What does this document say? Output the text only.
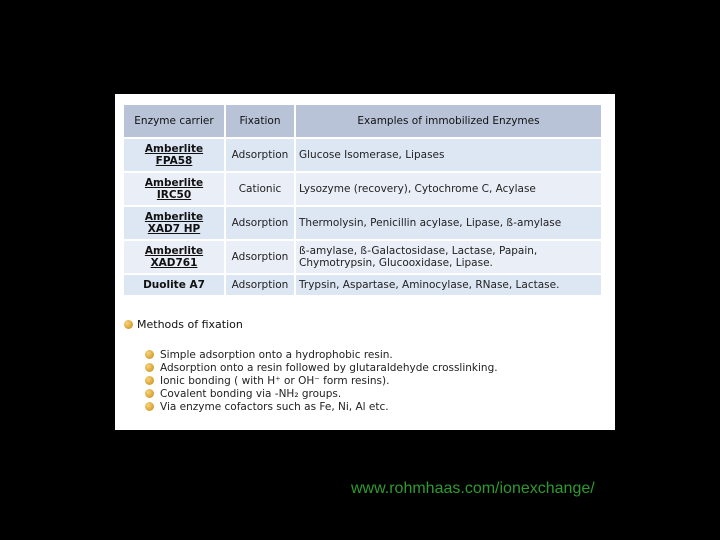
Enzyme carrier	Fixation	Examples of immobilized Enzymes
Amberlite FPA58	Adsorption	Glucose Isomerase, Lipases
Amberlite IRC50	Cationic	Lysozyme (recovery), Cytochrome C, Acylase
Amberlite XAD7 HP	Adsorption	Thermolysin, Penicillin acylase, Lipase, ß-amylase
Amberlite XAD761	Adsorption	ß-amylase, ß-Galactosidase, Lactase, Papain, Chymotrypsin, Glucooxidase, Lipase.
Duolite A7	Adsorption	Trypsin, Aspartase, Aminocylase, RNase, Lactase.
Methods of fixation
Simple adsorption onto a hydrophobic resin.
Adsorption onto a resin followed by glutaraldehyde crosslinking.
Ionic bonding ( with H⁺ or OH⁻ form resins).
Covalent bonding via -NH₂ groups.
Via enzyme cofactors such as Fe, Ni, Al etc.
www.rohmhaas.com/ionexchange/
